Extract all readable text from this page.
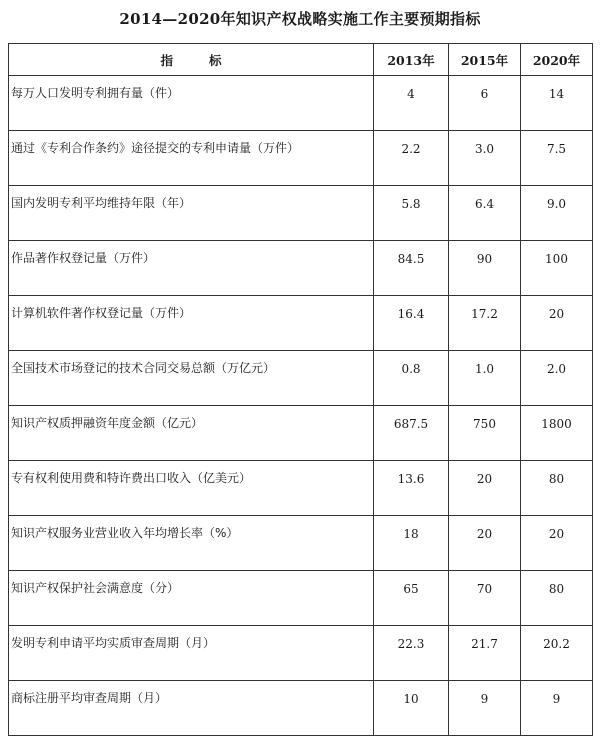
2014—2020年知识产权战略实施工作主要预期指标
指标	2013年	2015年	2020年
每万人口发明专利拥有量（件）	4	6	14
通过《专利合作条约》途径提交的专利申请量（万件）	2.2	3.0	7.5
国内发明专利平均维持年限（年）	5.8	6.4	9.0
作品著作权登记量（万件）	84.5	90	100
计算机软件著作权登记量（万件）	16.4	17.2	20
全国技术市场登记的技术合同交易总额（万亿元）	0.8	1.0	2.0
知识产权质押融资年度金额（亿元）	687.5	750	1800
专有权利使用费和特许费出口收入（亿美元）	13.6	20	80
知识产权服务业营业收入年均增长率（%）	18	20	20
知识产权保护社会满意度（分）	65	70	80
发明专利申请平均实质审查周期（月）	22.3	21.7	20.2
商标注册平均审查周期（月）	10	9	9
